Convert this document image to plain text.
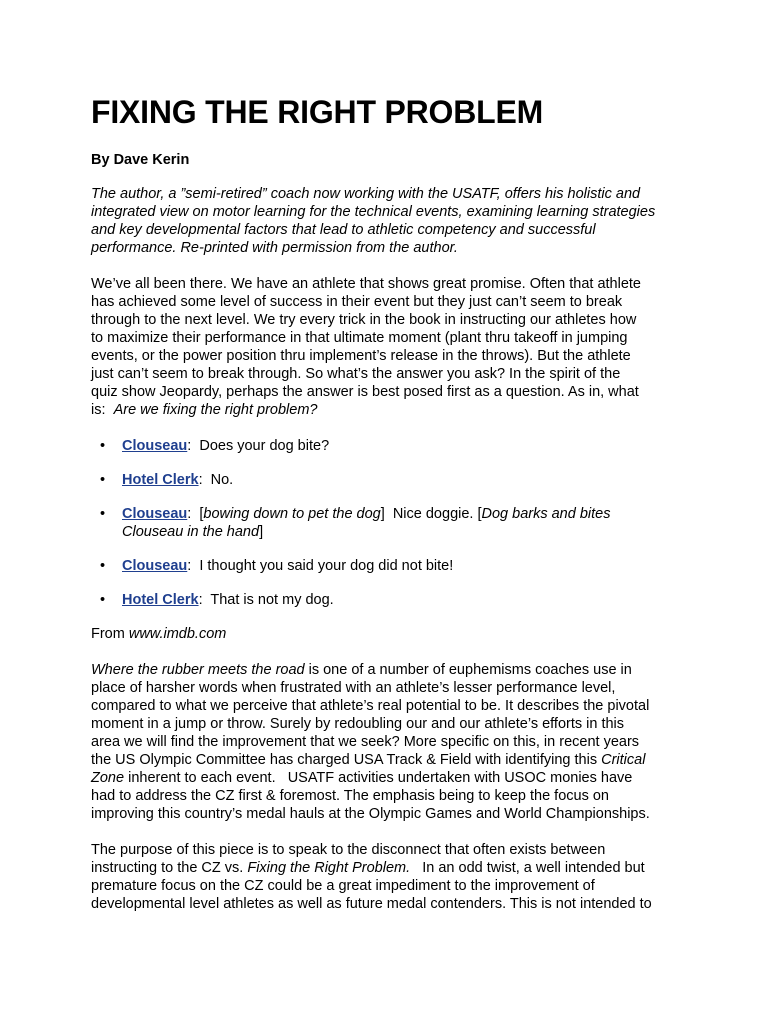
FIXING THE RIGHT PROBLEM
By Dave Kerin

The author, a ”semi-retired” coach now working with the USATF, offers his holistic and
integrated view on motor learning for the technical events, examining learning strategies
and key developmental factors that lead to athletic competency and successful
performance. Re-printed with permission from the author.

We’ve all been there. We have an athlete that shows great promise. Often that athlete
has achieved some level of success in their event but they just can’t seem to break
through to the next level. We try every trick in the book in instructing our athletes how
to maximize their performance in that ultimate moment (plant thru takeoff in jumping
events, or the power position thru implement’s release in the throws). But the athlete
just can’t seem to break through. So what’s the answer you ask? In the spirit of the
quiz show Jeopardy, perhaps the answer is best posed first as a question. As in, what
is:  Are we fixing the right problem?

• Clouseau:  Does your dog bite?
• Hotel Clerk:  No.
• Clouseau:  [bowing down to pet the dog]  Nice doggie. [Dog barks and bites
Clouseau in the hand]
• Clouseau:  I thought you said your dog did not bite!
• Hotel Clerk:  That is not my dog.

From www.imdb.com

Where the rubber meets the road is one of a number of euphemisms coaches use in
place of harsher words when frustrated with an athlete’s lesser performance level,
compared to what we perceive that athlete’s real potential to be. It describes the pivotal
moment in a jump or throw. Surely by redoubling our and our athlete’s efforts in this
area we will find the improvement that we seek? More specific on this, in recent years
the US Olympic Committee has charged USA Track & Field with identifying this Critical
Zone inherent to each event.   USATF activities undertaken with USOC monies have
had to address the CZ first & foremost. The emphasis being to keep the focus on
improving this country’s medal hauls at the Olympic Games and World Championships.

The purpose of this piece is to speak to the disconnect that often exists between
instructing to the CZ vs. Fixing the Right Problem.   In an odd twist, a well intended but
premature focus on the CZ could be a great impediment to the improvement of
developmental level athletes as well as future medal contenders. This is not intended to
